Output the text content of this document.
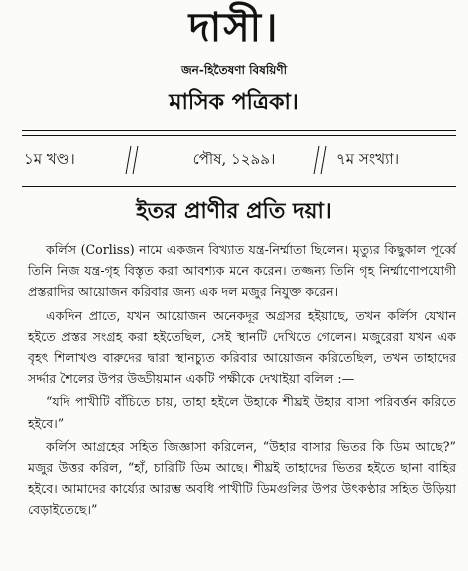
দাসী।
জন-হিতৈষণা বিষয়িণী
মাসিক পত্রিকা।
১ম খণ্ড।	পৌষ, ১২৯৯।	৭ম সংখ্যা।
ইতর প্রাণীর প্রতি দয়া।

কর্লিস (Corliss) নামে একজন বিখ্যাত যন্ত্র-নির্ম্মাতা ছিলেন। মৃত্যুর কিছুকাল পূর্ব্বে তিনি নিজ যন্ত্র-গৃহ বিস্তৃত করা আবশ্যক মনে করেন। তজ্জন্য তিনি গৃহ নির্ম্মাণোপযোগী প্রস্তরাদির আয়োজন করিবার জন্য এক দল মজুর নিযুক্ত করেন।

একদিন প্রাতে, যখন আয়োজন অনেকদূর অগ্রসর হইয়াছে, তখন কর্লিস যেখান হইতে প্রস্তর সংগ্রহ করা হইতেছিল, সেই স্থানটি দেখিতে গেলেন। মজুরেরা যখন এক বৃহৎ শিলাখণ্ড বারুদের দ্বারা স্থানচ্যুত করিবার আয়োজন করিতেছিল, তখন তাহাদের সর্দ্দার শৈলের উপর উড্ডীয়মান একটি পক্ষীকে দেখাইয়া বলিল :—

“যদি পাখীটি বাঁচিতে চায়, তাহা হইলে উহাকে শীঘ্রই উহার বাসা পরিবর্ত্তন করিতে হইবে।”

কর্লিস আগ্রহের সহিত জিজ্ঞাসা করিলেন, “উহার বাসার ভিতর কি ডিম আছে?” মজুর উত্তর করিল, “হাঁ, চারিটি ডিম আছে। শীঘ্রই তাহাদের ভিতর হইতে ছানা বাহির হইবে। আমাদের কার্য্যের আরম্ভ অবধি পাখীটি ডিমগুলির উপর উৎকণ্ঠার সহিত উড়িয়া বেড়াইতেছে।”
